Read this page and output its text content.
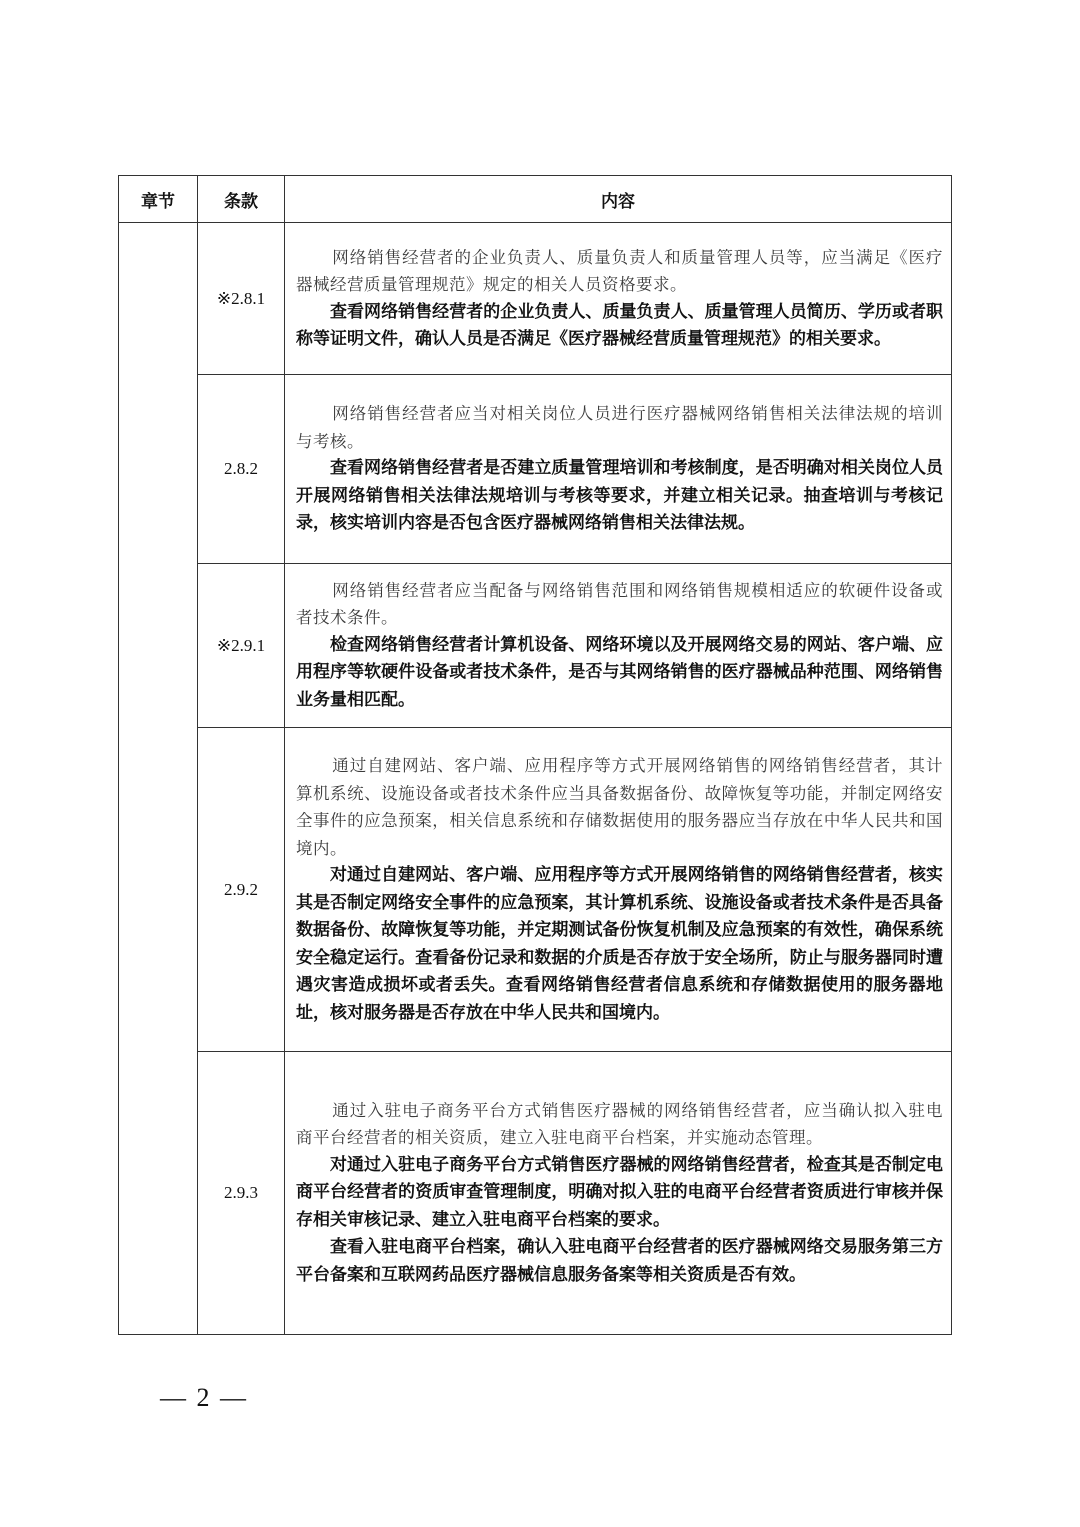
章节	条款	内容
	※2.8.1	网络销售经营者的企业负责人、质量负责人和质量管理人员等，应当满足《医疗器械经营质量管理规范》规定的相关人员资格要求。

查看网络销售经营者的企业负责人、质量负责人、质量管理人员简历、学历或者职称等证明文件，确认人员是否满足《医疗器械经营质量管理规范》的相关要求。

	2.8.2	网络销售经营者应当对相关岗位人员进行医疗器械网络销售相关法律法规的培训与考核。

查看网络销售经营者是否建立质量管理培训和考核制度，是否明确对相关岗位人员开展网络销售相关法律法规培训与考核等要求，并建立相关记录。抽查培训与考核记录，核实培训内容是否包含医疗器械网络销售相关法律法规。

	※2.9.1	网络销售经营者应当配备与网络销售范围和网络销售规模相适应的软硬件设备或者技术条件。

检查网络销售经营者计算机设备、网络环境以及开展网络交易的网站、客户端、应用程序等软硬件设备或者技术条件，是否与其网络销售的医疗器械品种范围、网络销售业务量相匹配。

	2.9.2	通过自建网站、客户端、应用程序等方式开展网络销售的网络销售经营者，其计算机系统、设施设备或者技术条件应当具备数据备份、故障恢复等功能，并制定网络安全事件的应急预案，相关信息系统和存储数据使用的服务器应当存放在中华人民共和国境内。

对通过自建网站、客户端、应用程序等方式开展网络销售的网络销售经营者，核实其是否制定网络安全事件的应急预案，其计算机系统、设施设备或者技术条件是否具备数据备份、故障恢复等功能，并定期测试备份恢复机制及应急预案的有效性，确保系统安全稳定运行。查看备份记录和数据的介质是否存放于安全场所，防止与服务器同时遭遇灾害造成损坏或者丢失。查看网络销售经营者信息系统和存储数据使用的服务器地址，核对服务器是否存放在中华人民共和国境内。

	2.9.3	通过入驻电子商务平台方式销售医疗器械的网络销售经营者，应当确认拟入驻电商平台经营者的相关资质，建立入驻电商平台档案，并实施动态管理。

对通过入驻电子商务平台方式销售医疗器械的网络销售经营者，检查其是否制定电商平台经营者的资质审查管理制度，明确对拟入驻的电商平台经营者资质进行审核并保存相关审核记录、建立入驻电商平台档案的要求。

查看入驻电商平台档案，确认入驻电商平台经营者的医疗器械网络交易服务第三方平台备案和互联网药品医疗器械信息服务备案等相关资质是否有效。

— 2 —
